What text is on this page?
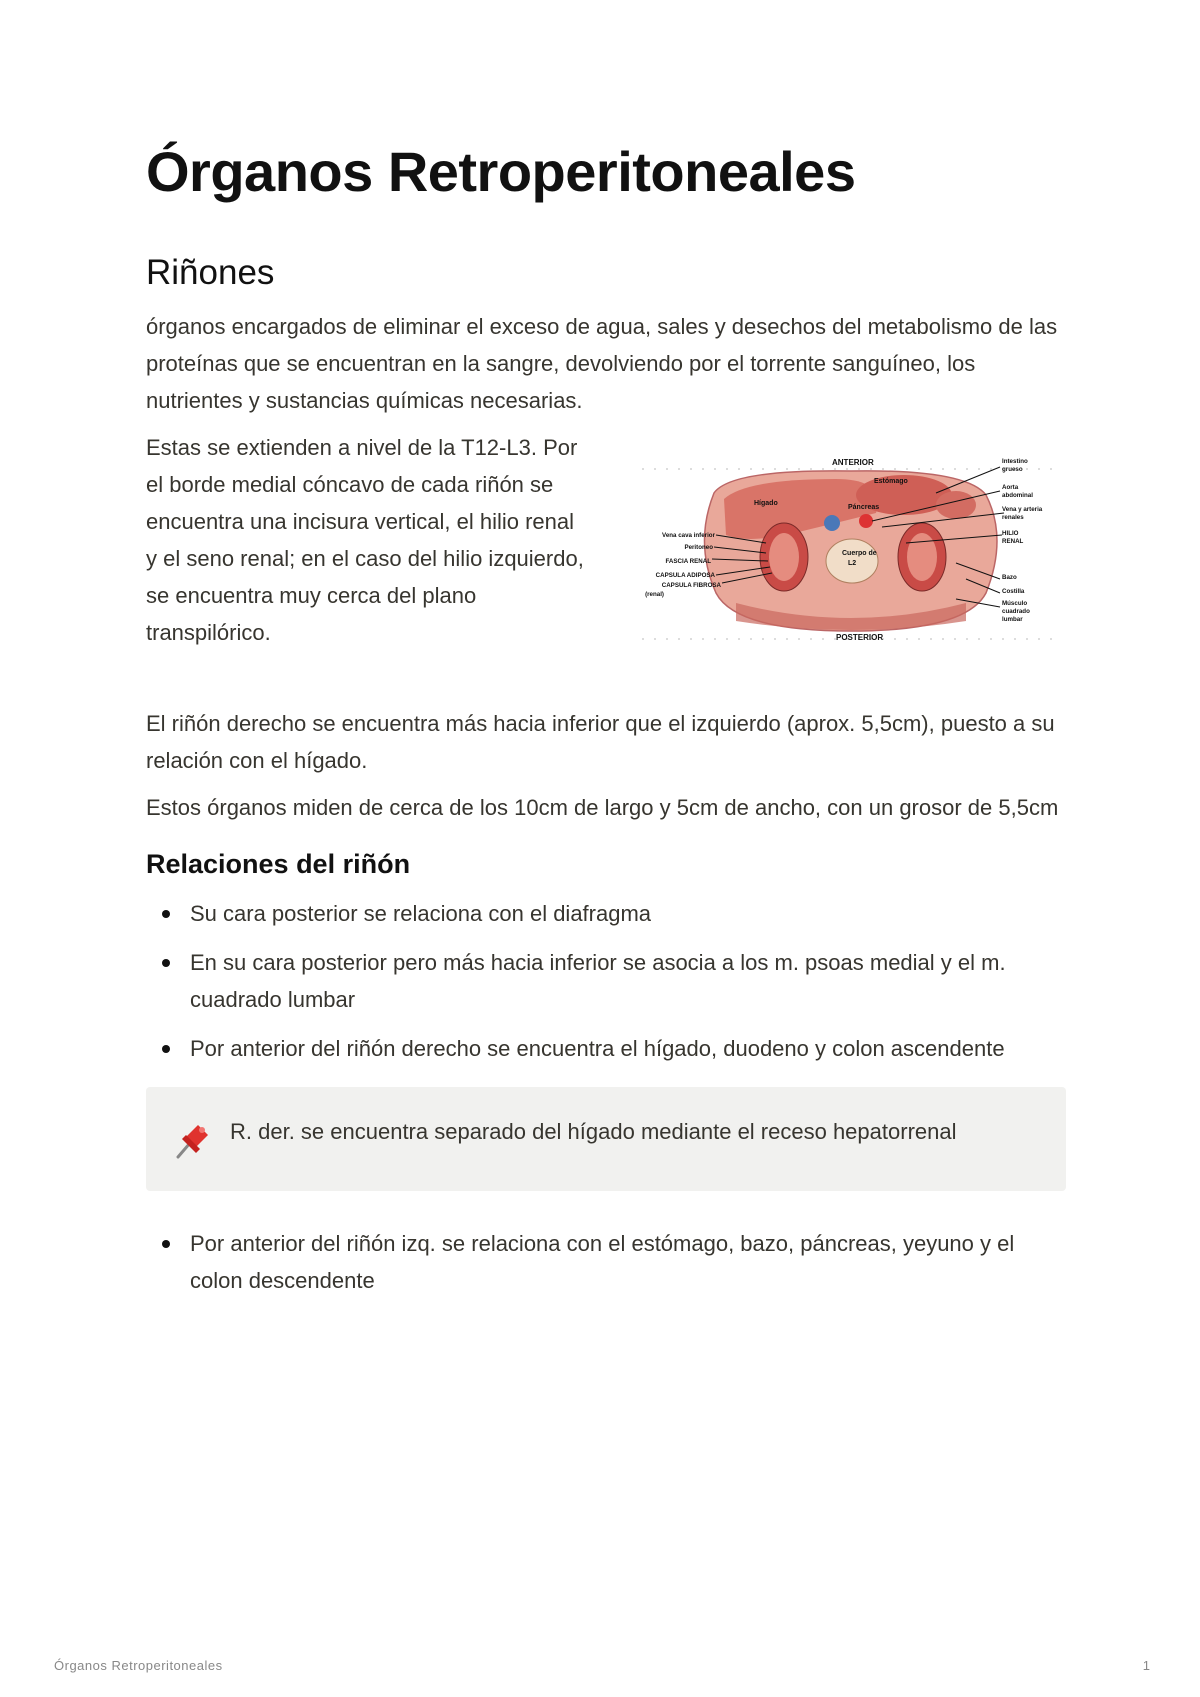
Órganos Retroperitoneales
Riñones

órganos encargados de eliminar el exceso de agua, sales y desechos del metabolismo de las proteínas que se encuentran en la sangre, devolviendo por el torrente sanguíneo, los nutrientes y sustancias químicas necesarias.

Estas se extienden a nivel de la T12-L3. Por el borde medial cóncavo de cada riñón se encuentra una incisura vertical, el hilio renal y el seno renal; en el caso del hilio izquierdo, se encuentra muy cerca del plano transpilórico.

ANTERIOR
POSTERIOR
Estómago
Hígado
Páncreas
Cuerpo de
L2
Vena cava inferior
Peritoneo
FASCIA RENAL
CAPSULA ADIPOSA
CAPSULA FIBROSA
(renal)
Intestino
grueso
Aorta
abdominal
Vena y arteria
renales
HILIO
RENAL
Bazo
Costilla
Músculo
cuadrado
lumbar

El riñón derecho se encuentra más hacia inferior que el izquierdo (aprox. 5,5cm), puesto a su relación con el hígado.

Estos órganos miden de cerca de los 10cm de largo y 5cm de ancho, con un grosor de 5,5cm

Relaciones del riñón
Su cara posterior se relaciona con el diafragma
En su cara posterior pero más hacia inferior se asocia a los m. psoas medial y el m. cuadrado lumbar
Por anterior del riñón derecho se encuentra el hígado, duodeno y colon ascendente
R. der. se encuentra separado del hígado mediante el receso hepatorrenal
Por anterior del riñón izq. se relaciona con el estómago, bazo, páncreas, yeyuno y el colon descendente
Órganos Retroperitoneales	1
